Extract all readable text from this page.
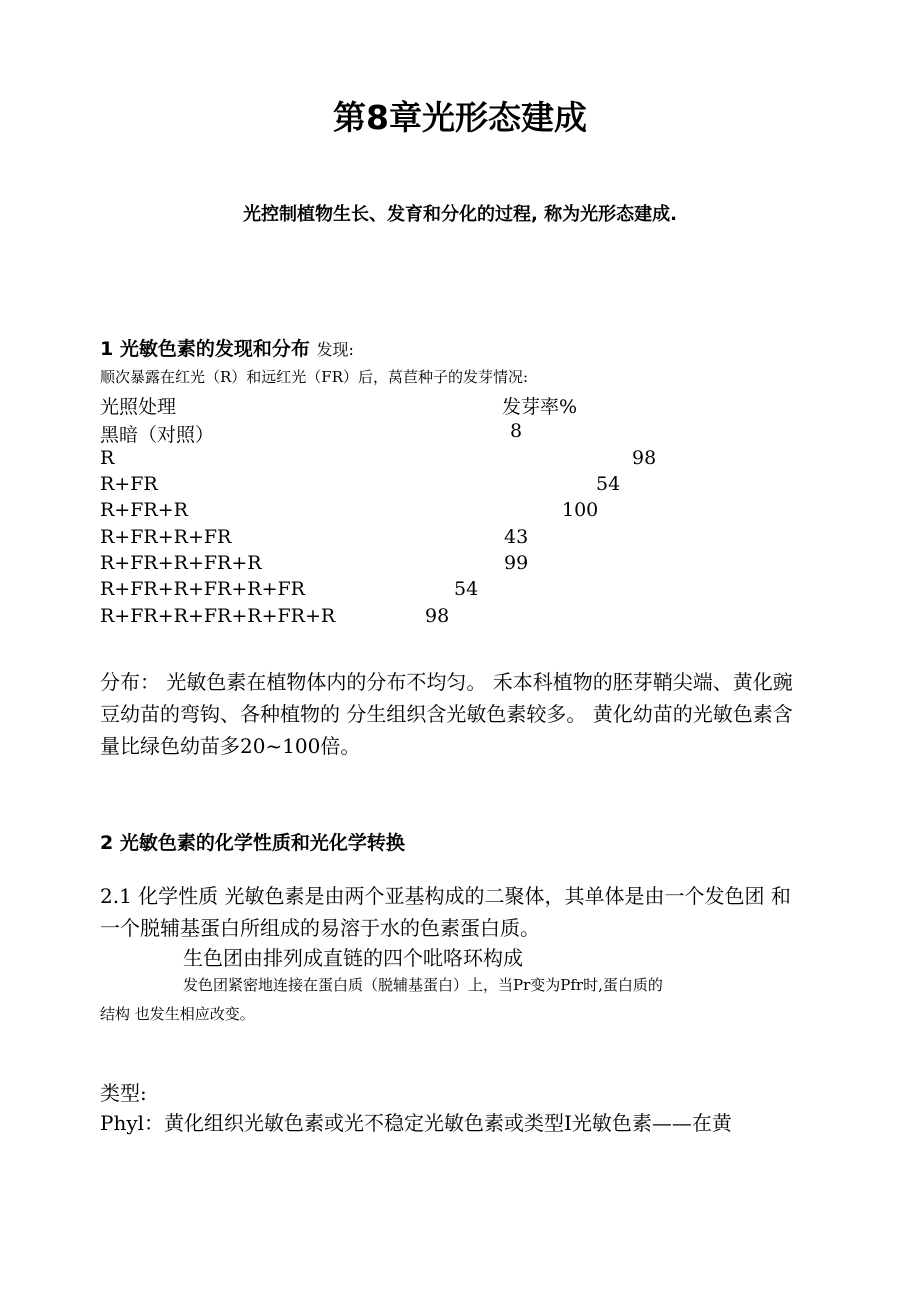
第8章光形态建成
光控制植物生长、发育和分化的过程, 称为光形态建成.
1 光敏色素的发现和分布 发现:
顺次暴露在红光（R）和远红光（FR）后，莴苣种子的发芽情况:
光照处理	发芽率%
黑暗（对照）	8
R	98
R+FR	54
R+FR+R	100
R+FR+R+FR	43
R+FR+R+FR+R	99
R+FR+R+FR+R+FR	54
R+FR+R+FR+R+FR+R	98
分布： 光敏色素在植物体内的分布不均匀。 禾本科植物的胚芽鞘尖端、黄化豌豆幼苗的弯钩、各种植物的 分生组织含光敏色素较多。 黄化幼苗的光敏色素含量比绿色幼苗多20~100倍。
2 光敏色素的化学性质和光化学转换
2.1 化学性质 光敏色素是由两个亚基构成的二聚体，其单体是由一个发色团 和一个脱辅基蛋白所组成的易溶于水的色素蛋白质。
生色团由排列成直链的四个吡咯环构成
发色团紧密地连接在蛋白质（脱辅基蛋白）上，当Pr变为Pfr时,蛋白质的
结构 也发生相应改变。
类型:
Phyl：黄化组织光敏色素或光不稳定光敏色素或类型Ⅰ光敏色素——在黄
